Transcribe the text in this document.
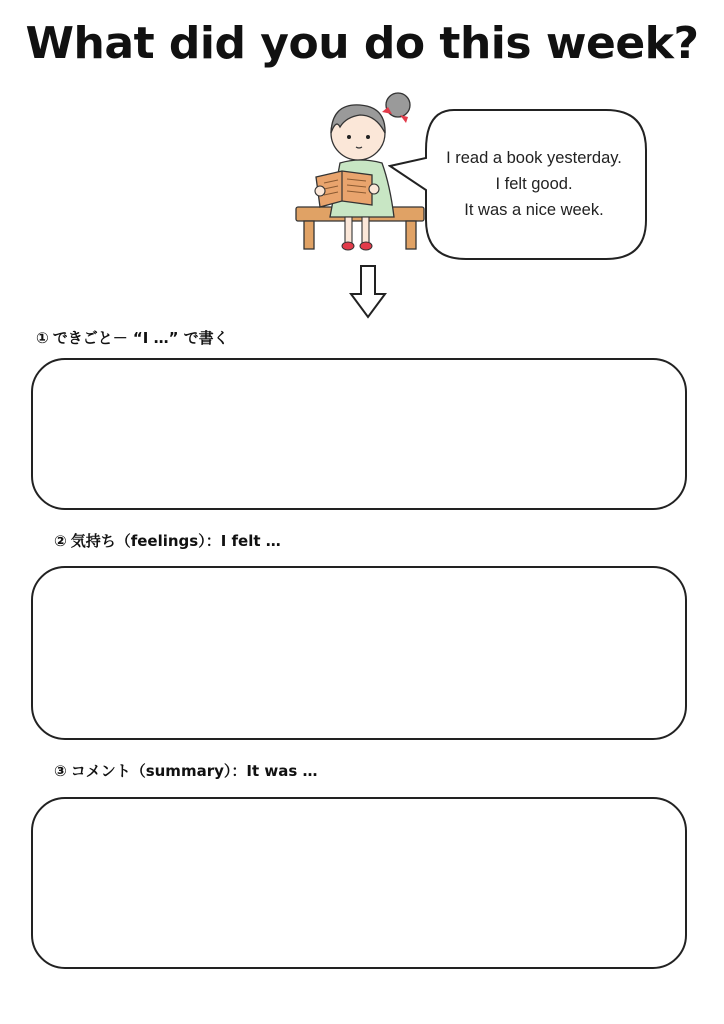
What did you do this week?
I read a book yesterday.
I felt good.
It was a nice week.
① できごと－ “I …” で書く
② 気持ち（feelings）：I felt …
③ コメント（summary）：It was …
